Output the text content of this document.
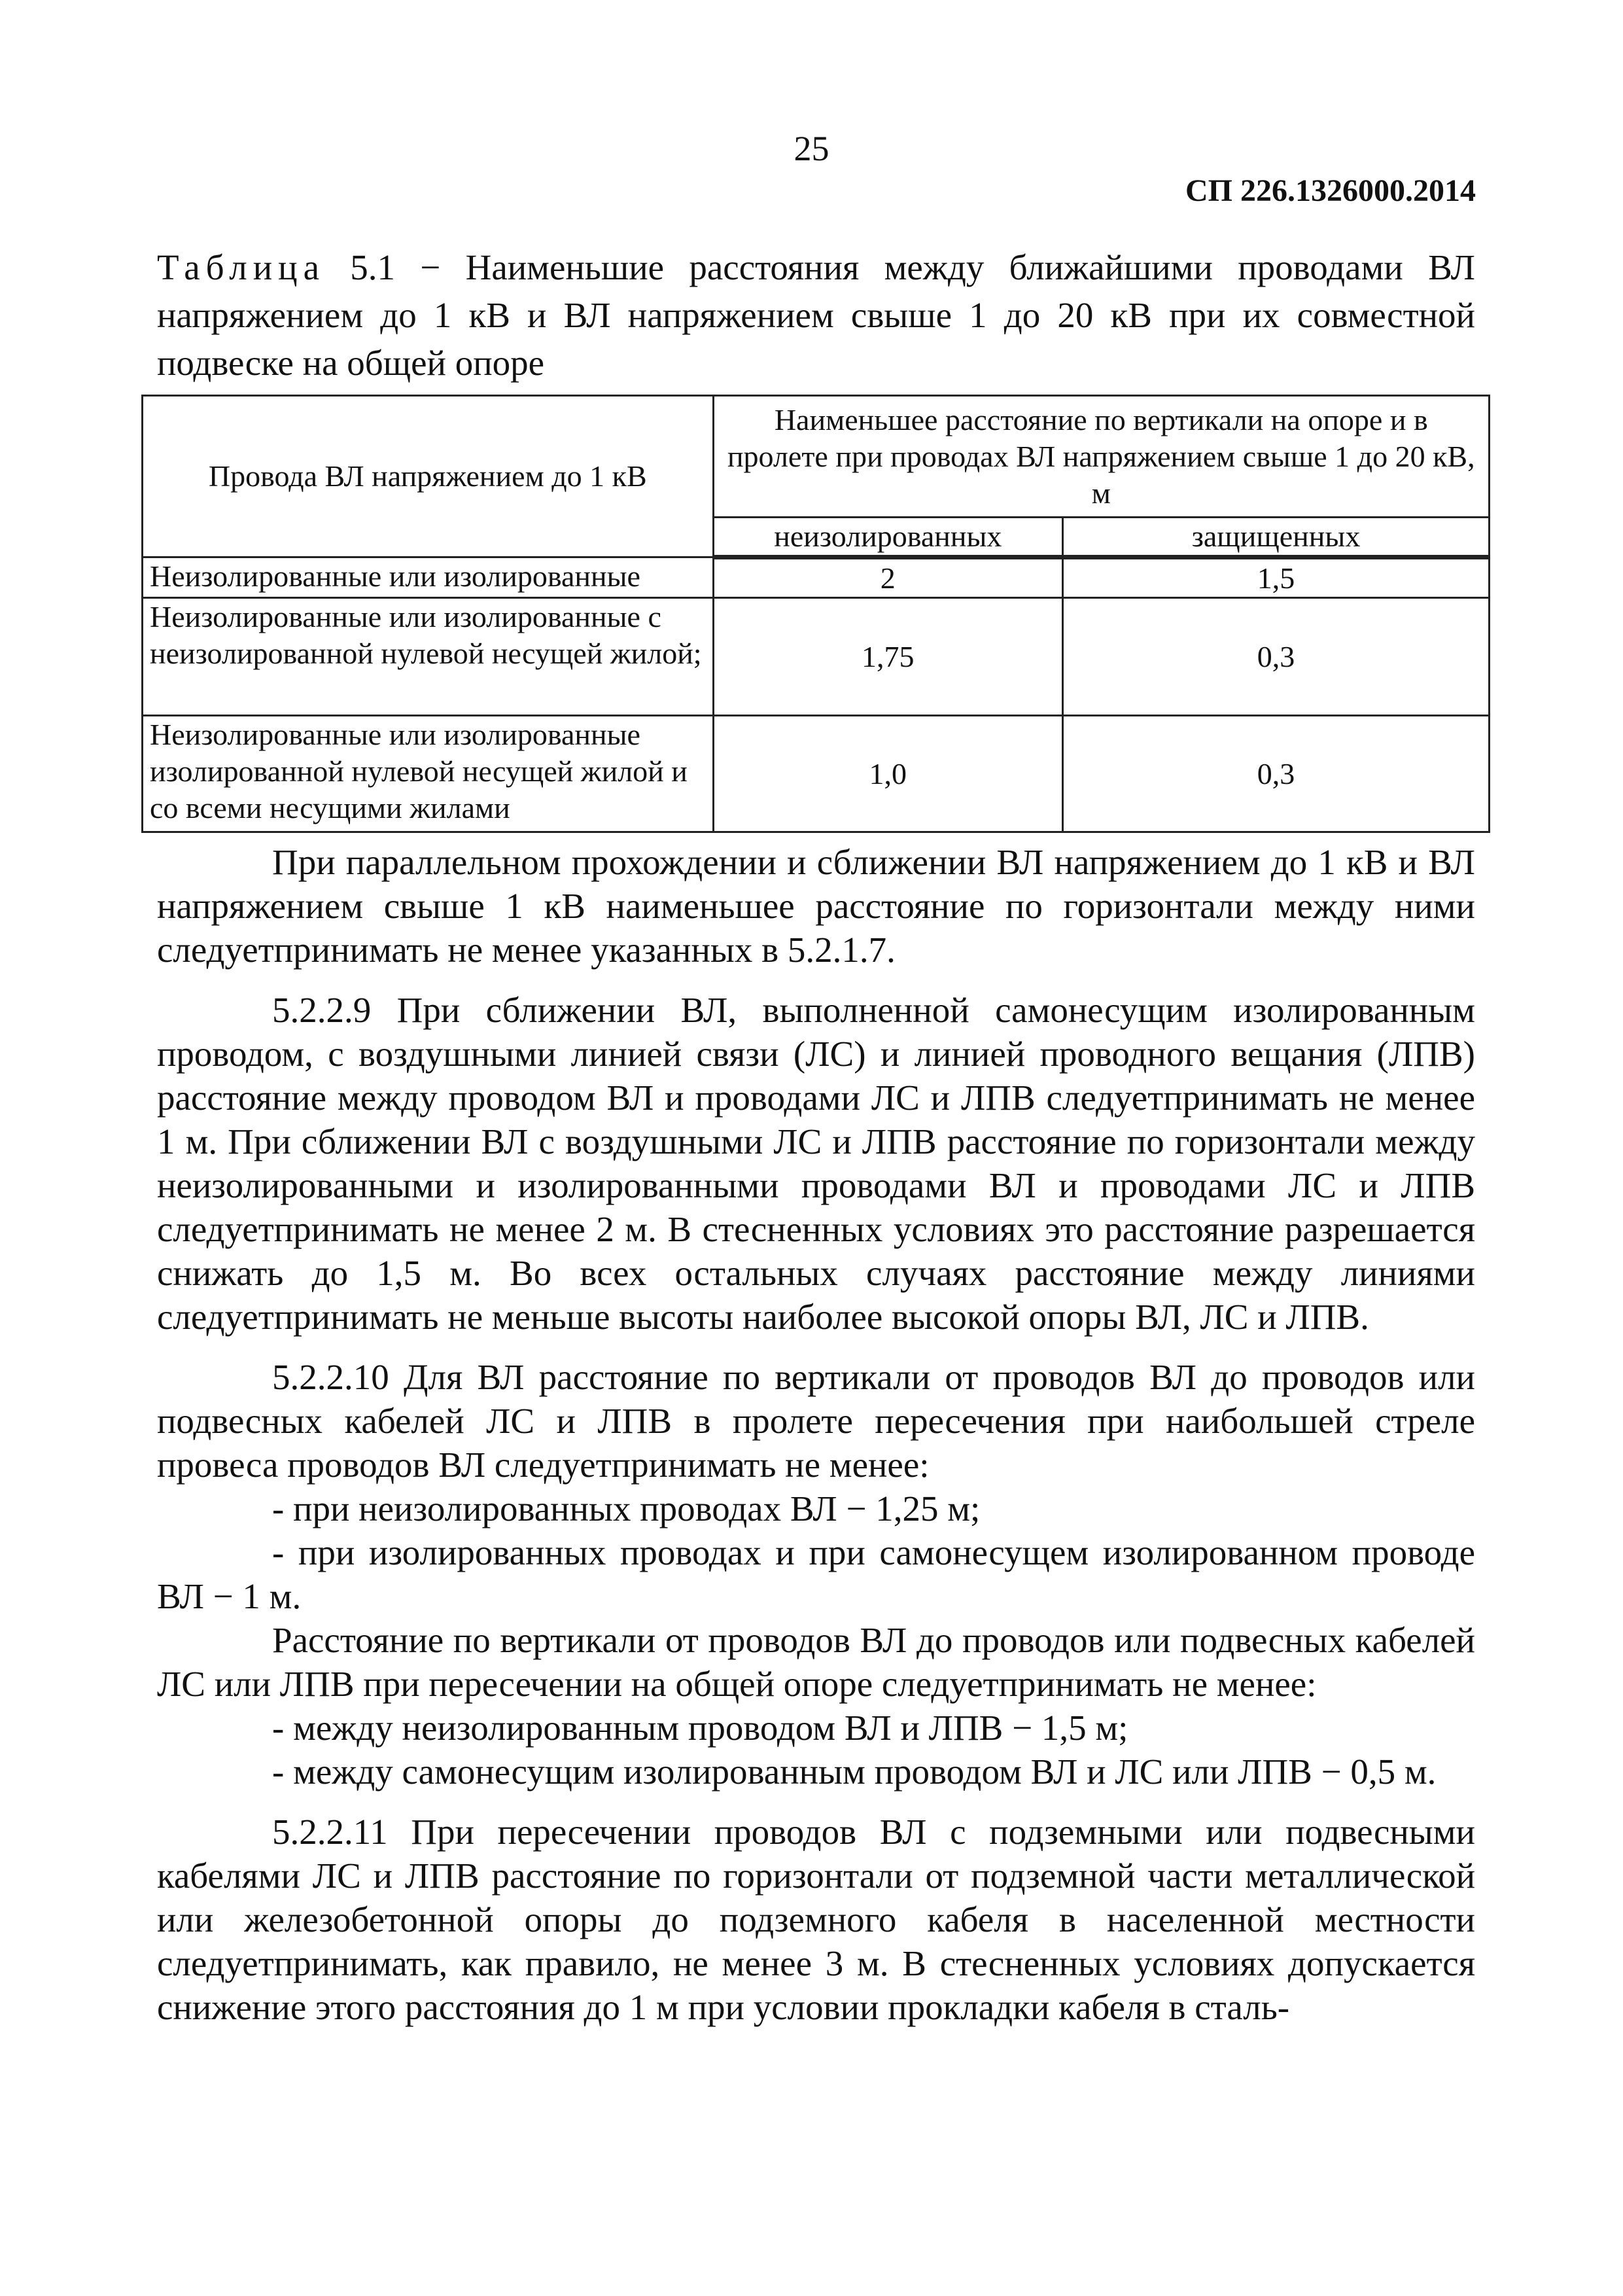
25
СП 226.1326000.2014
Таблица 5.1 − Наименьшие расстояния между ближайшими проводами ВЛ напряжением до 1 кВ и ВЛ напряжением свыше 1 до 20 кВ при их совместной подвеске на общей опоре
Провода ВЛ напряжением до 1 кВ	Наименьшее расстояние по вертикали на опоре и в пролете при проводах ВЛ напряжением свыше 1 до 20 кВ, м	
	неизолированных	защищенных
Неизолированные или изолированные	2	1,5
Неизолированные или изолированные с неизолированной нулевой несущей жилой;	1,75	0,3
Неизолированные или изолированные изолированной нулевой несущей жилой и со всеми несущими жилами	1,0	0,3

При параллельном прохождении и сближении ВЛ напряжением до 1 кВ и ВЛ напряжением свыше 1 кВ наименьшее расстояние по горизонтали между ними следуетпринимать не менее указанных в 5.2.1.7.

5.2.2.9 При сближении ВЛ, выполненной самонесущим изолированным проводом, с воздушными линией связи (ЛС) и линией проводного вещания (ЛПВ) расстояние между проводом ВЛ и проводами ЛС и ЛПВ следуетпринимать не менее 1 м. При сближении ВЛ с воздушными ЛС и ЛПВ расстояние по горизонтали между неизолированными и изолированными проводами ВЛ и проводами ЛС и ЛПВ следуетпринимать не менее 2 м. В стесненных условиях это расстояние разрешается снижать до 1,5 м. Во всех остальных случаях расстояние между линиями следуетпринимать не меньше высоты наиболее высокой опоры ВЛ, ЛС и ЛПВ.

5.2.2.10 Для ВЛ расстояние по вертикали от проводов ВЛ до проводов или подвесных кабелей ЛС и ЛПВ в пролете пересечения при наибольшей стреле провеса проводов ВЛ следуетпринимать не менее:

- при неизолированных проводах ВЛ − 1,25 м;

- при изолированных проводах и при самонесущем изолированном проводе ВЛ − 1 м.

Расстояние по вертикали от проводов ВЛ до проводов или подвесных кабелей ЛС или ЛПВ при пересечении на общей опоре следуетпринимать не менее:

- между неизолированным проводом ВЛ и ЛПВ − 1,5 м;

- между самонесущим изолированным проводом ВЛ и ЛС или ЛПВ − 0,5 м.

5.2.2.11 При пересечении проводов ВЛ с подземными или подвесными кабелями ЛС и ЛПВ расстояние по горизонтали от подземной части металлической или железобетонной опоры до подземного кабеля в населенной местности следуетпринимать, как правило, не менее 3 м. В стесненных условиях допускается снижение этого расстояния до 1 м при условии прокладки кабеля в сталь-
